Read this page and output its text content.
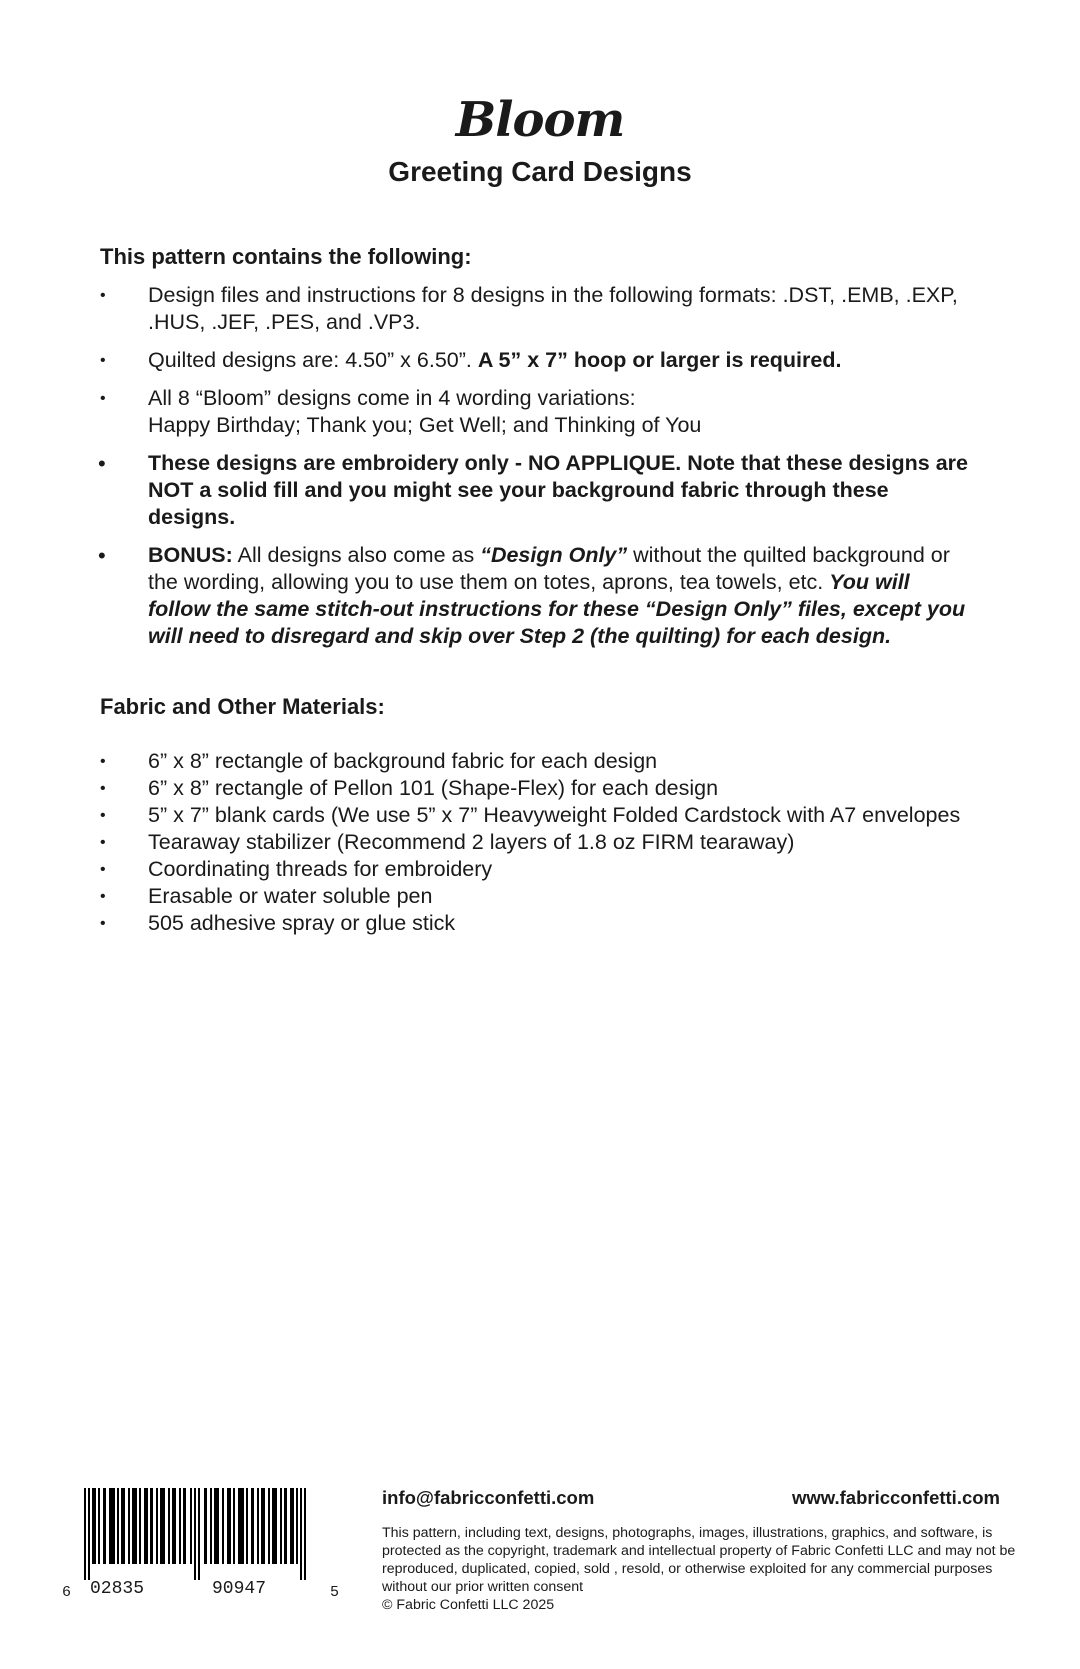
Bloom
Greeting Card Designs
This pattern contains the following:
• Design files and instructions for 8 designs in the following formats: .DST, .EMB, .EXP, .HUS, .JEF, .PES, and .VP3.
• Quilted designs are: 4.50” x 6.50”. A 5” x 7” hoop or larger is required.
• All 8 “Bloom” designs come in 4 wording variations:
Happy Birthday; Thank you; Get Well; and Thinking of You
• These designs are embroidery only - NO APPLIQUE. Note that these designs are NOT a solid fill and you might see your background fabric through these designs.
• BONUS: All designs also come as “Design Only” without the quilted background or the wording, allowing you to use them on totes, aprons, tea towels, etc. You will follow the same stitch-out instructions for these “Design Only” files, except you will need to disregard and skip over Step 2 (the quilting) for each design.
Fabric and Other Materials:
• 6” x 8” rectangle of background fabric for each design
• 6” x 8” rectangle of Pellon 101 (Shape-Flex) for each design
• 5” x 7” blank cards (We use 5” x 7” Heavyweight Folded Cardstock with A7 envelopes
• Tearaway stabilizer (Recommend 2 layers of 1.8 oz FIRM tearaway)
• Coordinating threads for embroidery
• Erasable or water soluble pen
• 505 adhesive spray or glue stick
6 02835	90947	5
info@fabricconfetti.com	www.fabricconfetti.com
This pattern, including text, designs, photographs, images, illustrations, graphics, and software, is protected as the copyright, trademark and intellectual property of Fabric Confetti LLC and may not be reproduced, duplicated, copied, sold , resold, or otherwise exploited for any commercial purposes without our prior written consent
© Fabric Confetti LLC 2025
